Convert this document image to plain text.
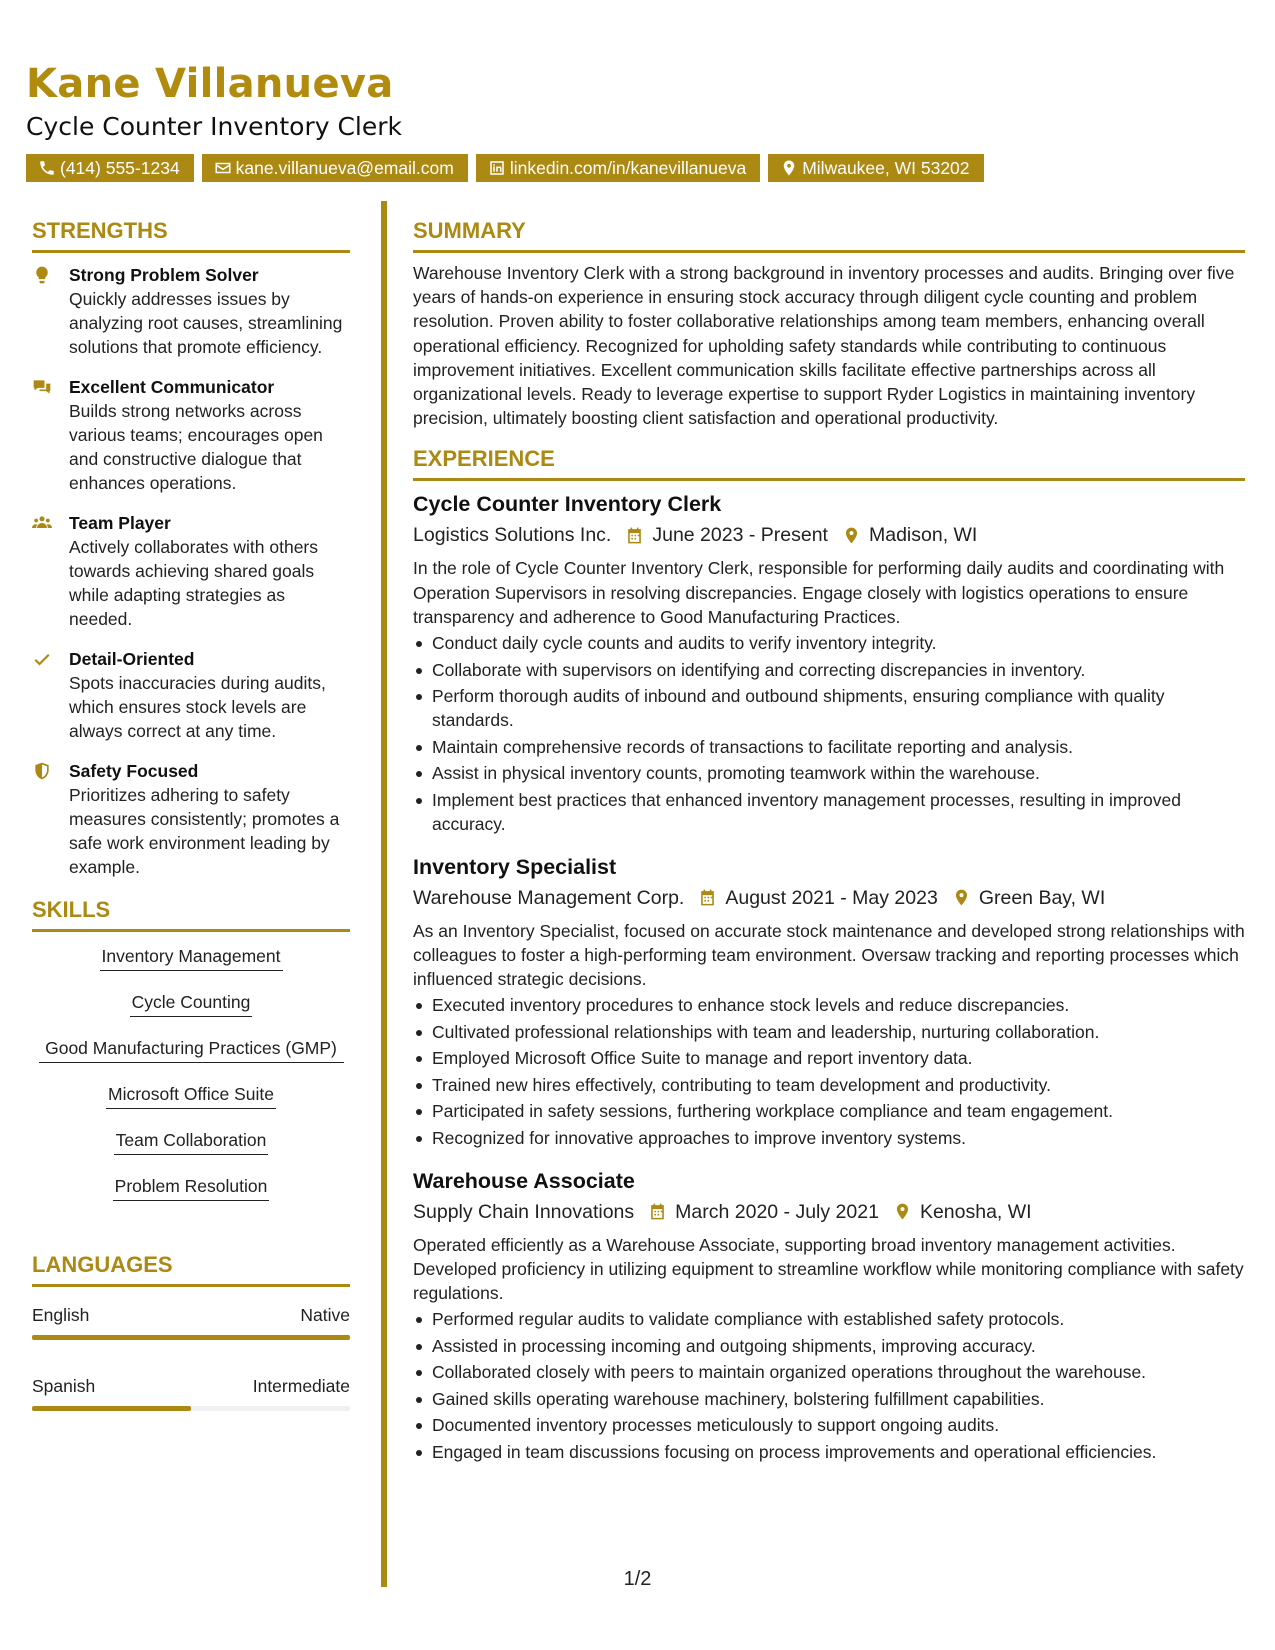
Kane Villanueva
Cycle Counter Inventory Clerk
(414) 555-1234	kane.villanueva@email.com	linkedin.com/in/kanevillanueva	Milwaukee, WI 53202
STRENGTHS
Strong Problem Solver
Quickly addresses issues by analyzing root causes, streamlining solutions that promote efficiency.
Excellent Communicator
Builds strong networks across various teams; encourages open and constructive dialogue that enhances operations.
Team Player
Actively collaborates with others towards achieving shared goals while adapting strategies as needed.
Detail-Oriented
Spots inaccuracies during audits, which ensures stock levels are always correct at any time.
Safety Focused
Prioritizes adhering to safety measures consistently; promotes a safe work environment leading by example.
SKILLS
Inventory Management
Cycle Counting
Good Manufacturing Practices (GMP)
Microsoft Office Suite
Team Collaboration
Problem Resolution
LANGUAGES
English	Native
Spanish	Intermediate
SUMMARY
Warehouse Inventory Clerk with a strong background in inventory processes and audits. Bringing over five years of hands-on experience in ensuring stock accuracy through diligent cycle counting and problem resolution. Proven ability to foster collaborative relationships among team members, enhancing overall operational efficiency. Recognized for upholding safety standards while contributing to continuous improvement initiatives. Excellent communication skills facilitate effective partnerships across all organizational levels. Ready to leverage expertise to support Ryder Logistics in maintaining inventory precision, ultimately boosting client satisfaction and operational productivity.
EXPERIENCE
Cycle Counter Inventory Clerk
Logistics Solutions Inc. June 2023 - Present Madison, WI
In the role of Cycle Counter Inventory Clerk, responsible for performing daily audits and coordinating with Operation Supervisors in resolving discrepancies. Engage closely with logistics operations to ensure transparency and adherence to Good Manufacturing Practices.
Conduct daily cycle counts and audits to verify inventory integrity.
Collaborate with supervisors on identifying and correcting discrepancies in inventory.
Perform thorough audits of inbound and outbound shipments, ensuring compliance with quality standards.
Maintain comprehensive records of transactions to facilitate reporting and analysis.
Assist in physical inventory counts, promoting teamwork within the warehouse.
Implement best practices that enhanced inventory management processes, resulting in improved accuracy.
Inventory Specialist
Warehouse Management Corp. August 2021 - May 2023 Green Bay, WI
As an Inventory Specialist, focused on accurate stock maintenance and developed strong relationships with colleagues to foster a high-performing team environment. Oversaw tracking and reporting processes which influenced strategic decisions.
Executed inventory procedures to enhance stock levels and reduce discrepancies.
Cultivated professional relationships with team and leadership, nurturing collaboration.
Employed Microsoft Office Suite to manage and report inventory data.
Trained new hires effectively, contributing to team development and productivity.
Participated in safety sessions, furthering workplace compliance and team engagement.
Recognized for innovative approaches to improve inventory systems.
Warehouse Associate
Supply Chain Innovations March 2020 - July 2021 Kenosha, WI
Operated efficiently as a Warehouse Associate, supporting broad inventory management activities. Developed proficiency in utilizing equipment to streamline workflow while monitoring compliance with safety regulations.
Performed regular audits to validate compliance with established safety protocols.
Assisted in processing incoming and outgoing shipments, improving accuracy.
Collaborated closely with peers to maintain organized operations throughout the warehouse.
Gained skills operating warehouse machinery, bolstering fulfillment capabilities.
Documented inventory processes meticulously to support ongoing audits.
Engaged in team discussions focusing on process improvements and operational efficiencies.
1/2
